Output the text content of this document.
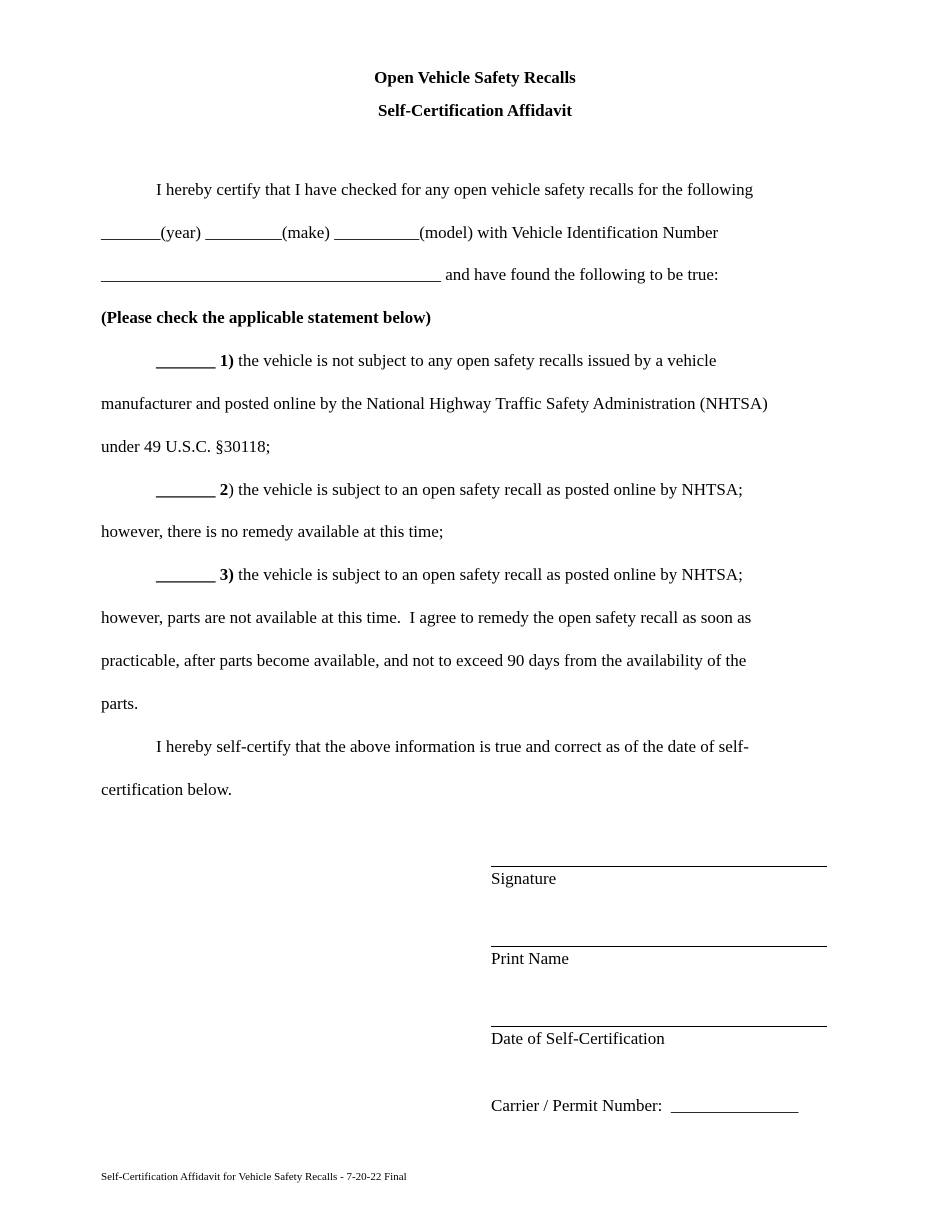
Open Vehicle Safety Recalls
Self-Certification Affidavit
I hereby certify that I have checked for any open vehicle safety recalls for the following
_______(year) _________(make) __________(model) with Vehicle Identification Number
________________________________________ and have found the following to be true:
(Please check the applicable statement below)
_______ 1) the vehicle is not subject to any open safety recalls issued by a vehicle
manufacturer and posted online by the National Highway Traffic Safety Administration (NHTSA)
under 49 U.S.C. §30118;
_______ 2) the vehicle is subject to an open safety recall as posted online by NHTSA;
however, there is no remedy available at this time;
_______ 3) the vehicle is subject to an open safety recall as posted online by NHTSA;
however, parts are not available at this time.  I agree to remedy the open safety recall as soon as
practicable, after parts become available, and not to exceed 90 days from the availability of the
parts.
I hereby self-certify that the above information is true and correct as of the date of self-
certification below.
Signature
Print Name
Date of Self-Certification
Carrier / Permit Number:  _______________
Self-Certification Affidavit for Vehicle Safety Recalls - 7-20-22 Final
